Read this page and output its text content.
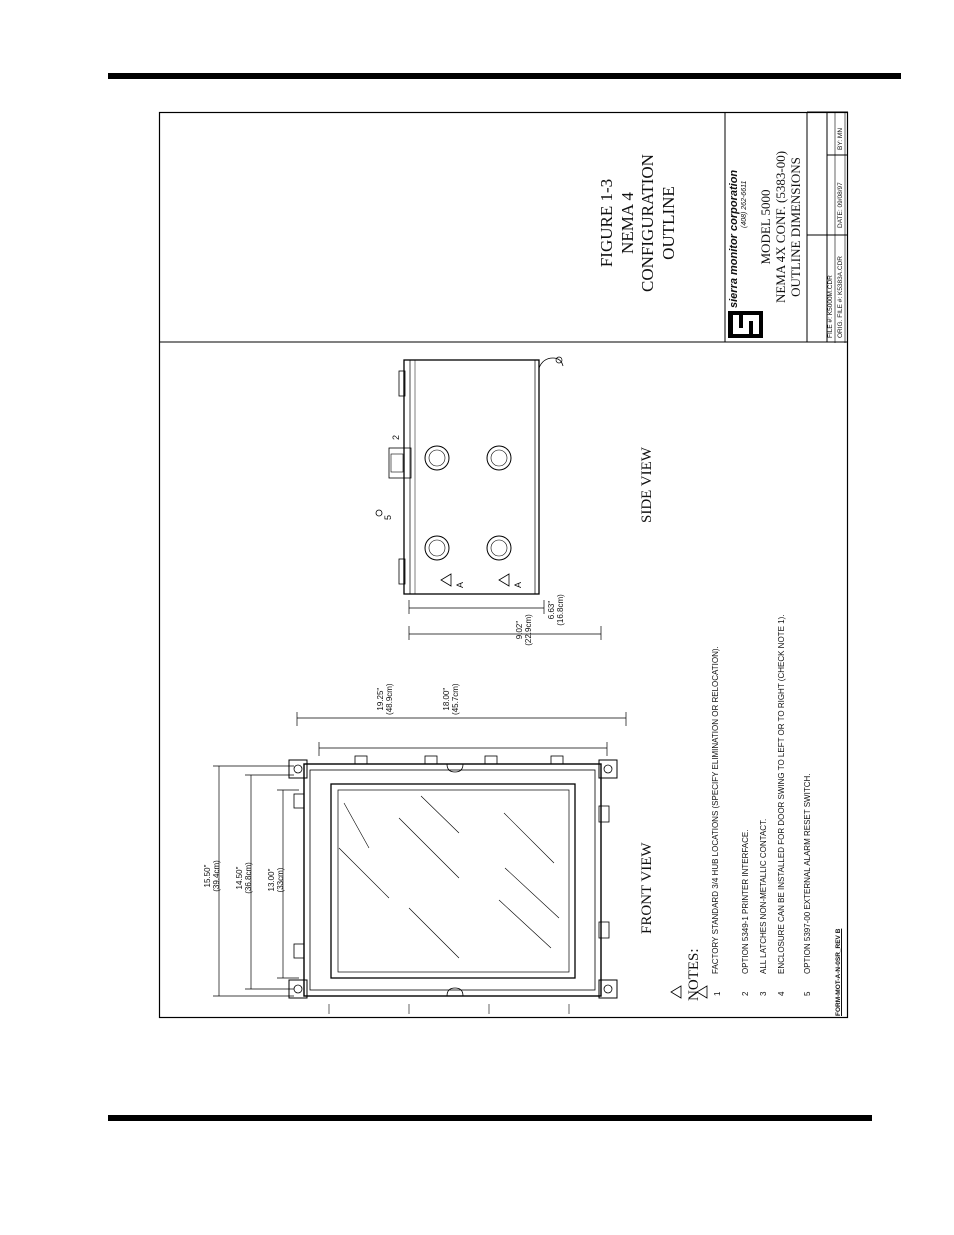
FIGURE 1-3 NEMA 4 CONFIGURATION OUTLINE	sierra monitor corporation (408) 262-6611 MODEL 5000 NEMA 4X CONF. (5383-00) OUTLINE DIMENSIONS
FILE #: K5000M.CDR ORIG. FILE #: K5383A.CDR
DATE: 09/08/97
BY: MN
FRONT VIEW
SIDE VIEW
15.50" (39.4cm) 14.50" (36.8cm) 13.00" (33cm)
9.02" (22.9cm)
6.63" (16.8cm)
A	A
2
5
NOTES: 1
FACTORY STANDARD 3/4 HUB LOCATIONS (SPECIFY ELIMINATION OR RELOCATION).
2
OPTION 5349-1 PRINTER INTERFACE.
3
ALL LATCHES NON-METALLIC CONTACT.
4
ENCLOSURE CAN BE INSTALLED FOR DOOR SWING TO LEFT OR TO RIGHT (CHECK NOTE 1).
5
OPTION 5397-00 EXTERNAL ALARM RESET SWITCH.	FORM-MOT-A-N-0SR_REV B
18.00" (45.7cm)
19.25" (48.9cm)
